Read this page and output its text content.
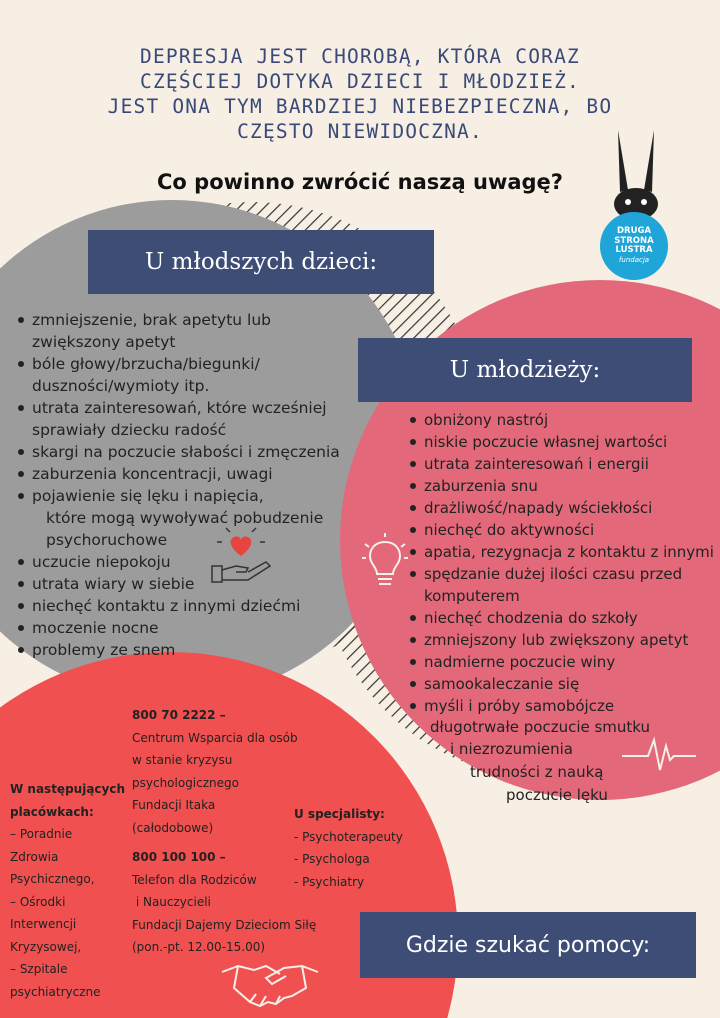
DEPRESJA JEST CHOROBĄ, KTÓRA CORAZ
CZĘŚCIEJ DOTYKA DZIECI I MŁODZIEŻ.
JEST ONA TYM BARDZIEJ NIEBEZPIECZNA, BO
CZĘSTO NIEWIDOCZNA.
Co powinno zwrócić naszą uwagę?
DRUGA
STRONA
LUSTRA
fundacja
U młodszych dzieci:
zmniejszenie, brak apetytu lub
zwiększony apetyt
bóle głowy/brzucha/biegunki/
duszności/wymioty itp.
utrata zainteresowań, które wcześniej
sprawiały dziecku radość
skargi na poczucie słabości i zmęczenia
zaburzenia koncentracji, uwagi
pojawienie się lęku i napięcia,
które mogą wywoływać pobudzenie
psychoruchowe
uczucie niepokoju
utrata wiary w siebie
niechęć kontaktu z innymi dziećmi
moczenie nocne
problemy ze snem
U młodzieży:
obniżony nastrój
niskie poczucie własnej wartości
utrata zainteresowań i energii
zaburzenia snu
drażliwość/napady wściekłości
niechęć do aktywności
apatia, rezygnacja z kontaktu z innymi
spędzanie dużej ilości czasu przed
komputerem
niechęć chodzenia do szkoły
zmniejszony lub zwiększony apetyt
nadmierne poczucie winy
samookaleczanie się
myśli i próby samobójcze
długotrwałe poczucie smutku
i niezrozumienia
trudności z nauką
poczucie lęku
W następujących
placówkach:
– Poradnie
Zdrowia
Psychicznego,
– Ośrodki
Interwencji
Kryzysowej,
– Szpitale
psychiatryczne
800 70 2222 –
Centrum Wsparcia dla osób
w stanie kryzysu
psychologicznego
Fundacji Itaka
(całodobowe)
800 100 100 –
Telefon dla Rodziców
i Nauczycieli
Fundacji Dajemy Dzieciom Siłę
(pon.-pt. 12.00-15.00)
U specjalisty:
- Psychoterapeuty
- Psychologa
- Psychiatry
Gdzie szukać pomocy:
